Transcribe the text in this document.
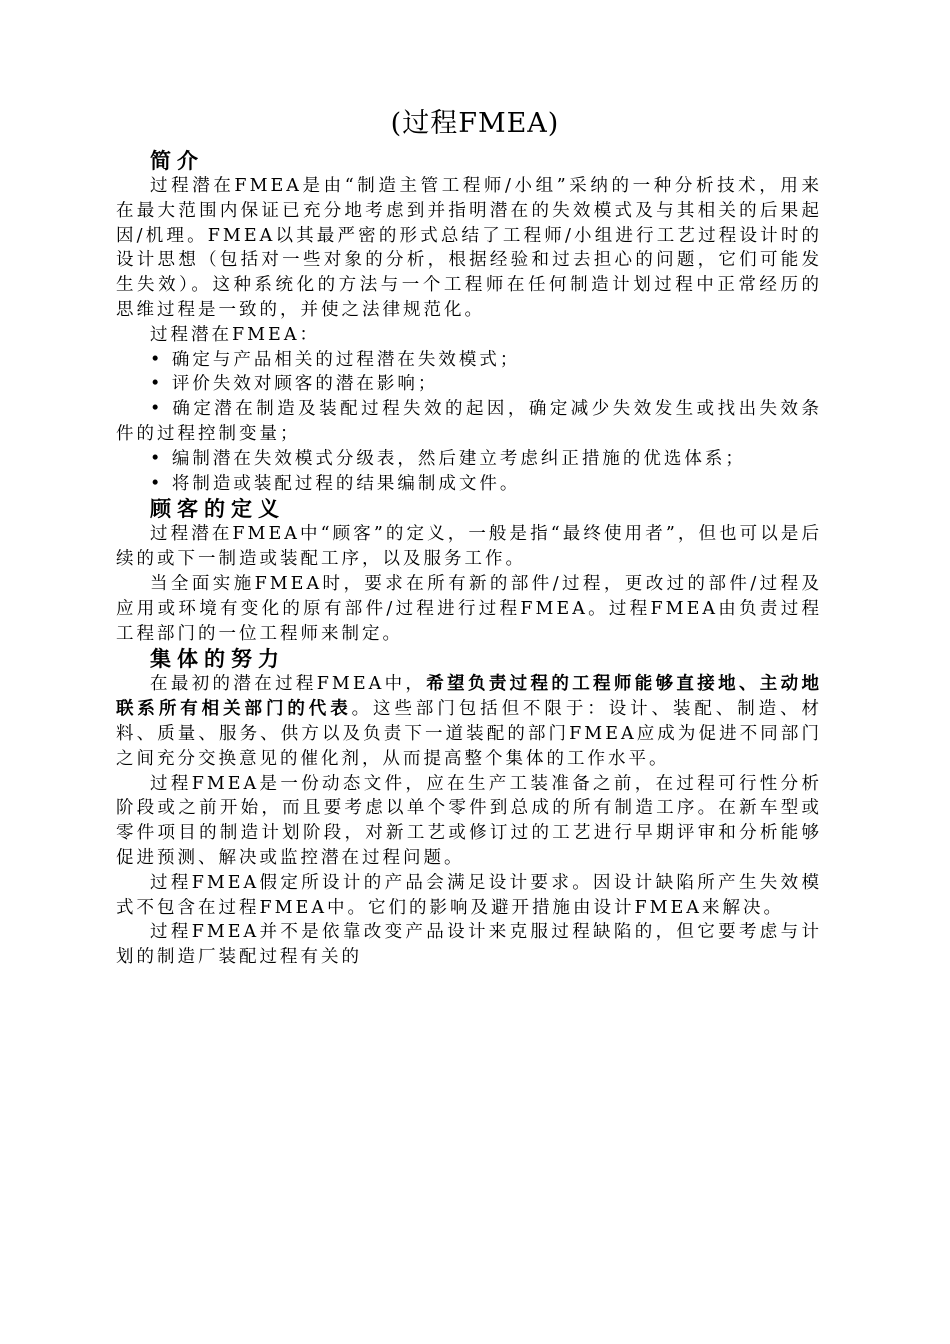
(过程FMEA)
简介

过程潜在FMEA是由“制造主管工程师/小组”采纳的一种分析技术，用来在最大范围内保证已充分地考虑到并指明潜在的失效模式及与其相关的后果起因/机理。FMEA以其最严密的形式总结了工程师/小组进行工艺过程设计时的设计思想（包括对一些对象的分析，根据经验和过去担心的问题，它们可能发生失效）。这种系统化的方法与一个工程师在任何制造计划过程中正常经历的思维过程是一致的，并使之法律规范化。

过程潜在FMEA：

• 确定与产品相关的过程潜在失效模式；

• 评价失效对顾客的潜在影响；

• 确定潜在制造及装配过程失效的起因，确定减少失效发生或找出失效条件的过程控制变量；

• 编制潜在失效模式分级表，然后建立考虑纠正措施的优选体系；

• 将制造或装配过程的结果编制成文件。

顾客的定义

过程潜在FMEA中“顾客”的定义，一般是指“最终使用者”，但也可以是后续的或下一制造或装配工序，以及服务工作。

当全面实施FMEA时，要求在所有新的部件/过程，更改过的部件/过程及应用或环境有变化的原有部件/过程进行过程FMEA。过程FMEA由负责过程工程部门的一位工程师来制定。

集体的努力

在最初的潜在过程FMEA中，希望负责过程的工程师能够直接地、主动地联系所有相关部门的代表。这些部门包括但不限于：设计、装配、制造、材料、质量、服务、供方以及负责下一道装配的部门FMEA应成为促进不同部门之间充分交换意见的催化剂，从而提高整个集体的工作水平。

过程FMEA是一份动态文件，应在生产工装准备之前，在过程可行性分析阶段或之前开始，而且要考虑以单个零件到总成的所有制造工序。在新车型或零件项目的制造计划阶段，对新工艺或修订过的工艺进行早期评审和分析能够促进预测、解决或监控潜在过程问题。

过程FMEA假定所设计的产品会满足设计要求。因设计缺陷所产生失效模式不包含在过程FMEA中。它们的影响及避开措施由设计FMEA来解决。

过程FMEA并不是依靠改变产品设计来克服过程缺陷的，但它要考虑与计划的制造厂装配过程有关的
